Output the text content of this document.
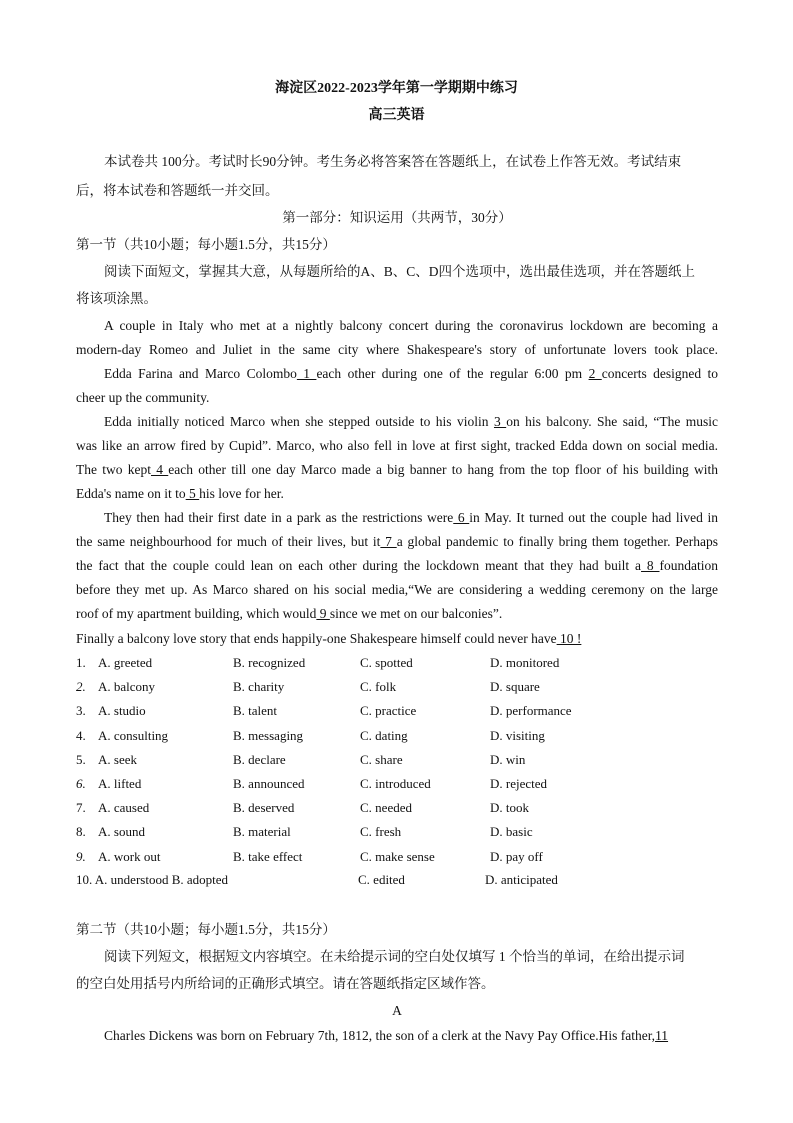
海淀区2022-2023学年第一学期期中练习
高三英语
本试卷共 100分。考试时长90分钟。考生务必将答案答在答题纸上，在试卷上作答无效。考试结束
后，将本试卷和答题纸一并交回。
第一部分：知识运用（共两节，30分）
第一节（共10小题；每小题1.5分，共15分）
阅读下面短文，掌握其大意，从每题所给的A、B、C、D四个选项中，选出最佳选项，并在答题纸上
将该项涂黑。
A couple in Italy who met at a nightly balcony concert during the coronavirus lockdown are becoming a
modern-day Romeo and Juliet in the same city where Shakespeare's story of unfortunate lovers took place.
Edda Farina and Marco Colombo 1 each other during one of the regular 6:00 pm 2 concerts designed to
cheer up the community.
Edda initially noticed Marco when she stepped outside to his violin 3 on his balcony. She said, “The music
was like an arrow fired by Cupid”. Marco, who also fell in love at first sight, tracked Edda down on social media.
The two kept 4 each other till one day Marco made a big banner to hang from the top floor of his building with
Edda's name on it to 5 his love for her.
They then had their first date in a park as the restrictions were 6 in May. It turned out the couple had lived in
the same neighbourhood for much of their lives, but it 7 a global pandemic to finally bring them together. Perhaps
the fact that the couple could lean on each other during the lockdown meant that they had built a 8 foundation
before they met up. As Marco shared on his social media,“We are considering a wedding ceremony on the large
roof of my apartment building, which would 9 since we met on our balconies”.
Finally a balcony love story that ends happily-one Shakespeare himself could never have 10 !
1. A. greeted	B. recognized	C. spotted	D. monitored
2. A. balcony	B. charity	C. folk	D. square
3. A. studio	B. talent	C. practice	D. performance
4. A. consulting	B. messaging	C. dating	D. visiting
5. A. seek	B. declare	C. share	D. win
6. A. lifted	B. announced	C. introduced	D. rejected
7. A. caused	B. deserved	C. needed	D. took
8. A. sound	B. material	C. fresh	D. basic
9. A. work out	B. take effect	C. make sense	D. pay off
10. A. understood B. adopted	C. edited	D. anticipated
第二节（共10小题；每小题1.5分，共15分）
阅读下列短文，根据短文内容填空。在未给提示词的空白处仅填写 1 个恰当的单词，在给出提示词
的空白处用括号内所给词的正确形式填空。请在答题纸指定区域作答。
A
Charles Dickens was born on February 7th, 1812, the son of a clerk at the Navy Pay Office.His father,11
